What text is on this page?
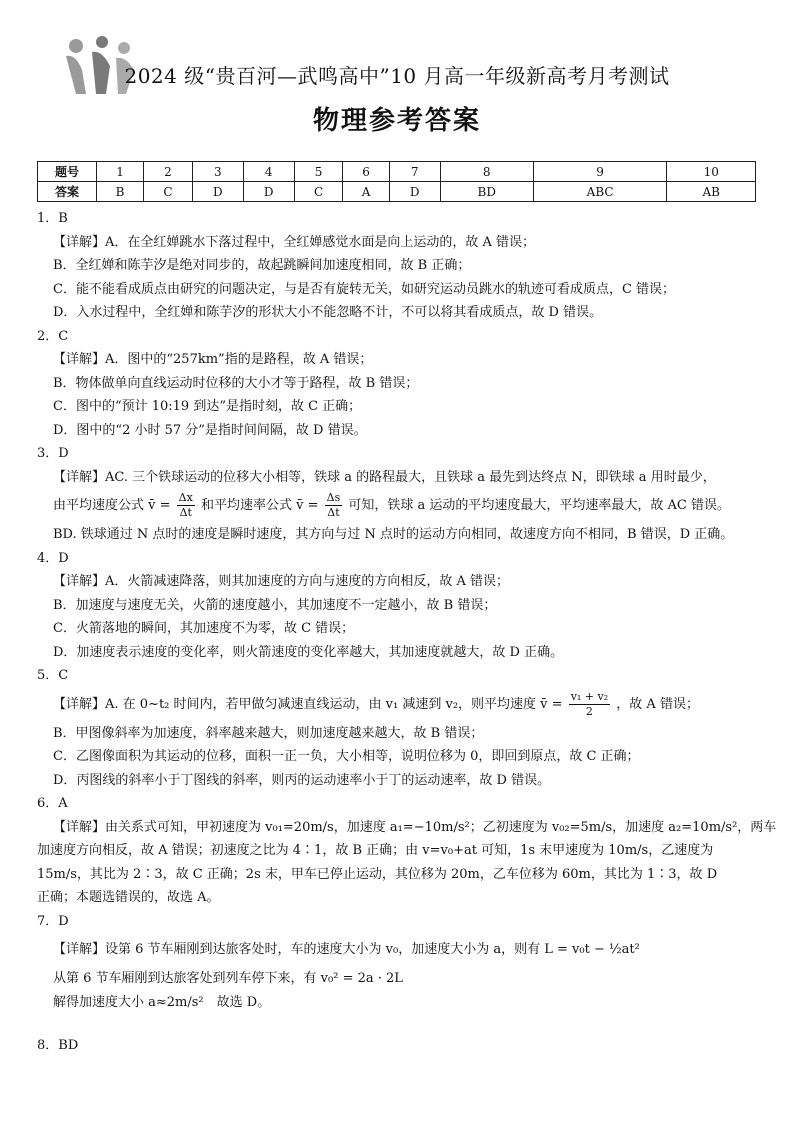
2024 级“贵百河—武鸣高中”10 月高一年级新高考月考测试
物理参考答案
题号	1	2	3	4	5	6	7	8	9	10
答案	B	C	D	D	C	A	D	BD	ABC	AB

1．B

【详解】A．在全红婵跳水下落过程中，全红婵感觉水面是向上运动的，故 A 错误；

B．全红婵和陈芋汐是绝对同步的，故起跳瞬间加速度相同，故 B 正确；

C．能不能看成质点由研究的问题决定，与是否有旋转无关，如研究运动员跳水的轨迹可看成质点，C 错误；

D．入水过程中，全红婵和陈芋汐的形状大小不能忽略不计，不可以将其看成质点，故 D 错误。

2．C

【详解】A．图中的“257km”指的是路程，故 A 错误；

B．物体做单向直线运动时位移的大小才等于路程，故 B 错误；

C．图中的“预计 10:19 到达”是指时刻，故 C 正确；

D．图中的“2 小时 57 分”是指时间间隔，故 D 错误。

3．D

【详解】AC. 三个铁球运动的位移大小相等，铁球 a 的路程最大，且铁球 a 最先到达终点 N，即铁球 a 用时最少，

由平均速度公式 v̄ = $\frac{\Delta x}{\Delta t}$ 和平均速率公式 v̄ = $\frac{\Delta s}{\Delta t}$ 可知，铁球 a 运动的平均速度最大，平均速率最大，故 AC 错误。

BD. 铁球通过 N 点时的速度是瞬时速度，其方向与过 N 点时的运动方向相同，故速度方向不相同，B 错误，D 正确。

4．D

【详解】A．火箭减速降落，则其加速度的方向与速度的方向相反，故 A 错误；

B．加速度与速度无关，火箭的速度越小，其加速度不一定越小，故 B 错误；

C．火箭落地的瞬间，其加速度不为零，故 C 错误；

D．加速度表示速度的变化率，则火箭速度的变化率越大，其加速度就越大，故 D 正确。

5．C

【详解】A. 在 0~t₂ 时间内，若甲做匀减速直线运动，由 v₁ 减速到 v₂，则平均速度 v̄ = $\frac{\text{v₁ + v₂}}{2}$ ，故 A 错误；

B．甲图像斜率为加速度，斜率越来越大，则加速度越来越大，故 B 错误；

C．乙图像面积为其运动的位移，面积一正一负，大小相等，说明位移为 0，即回到原点，故 C 正确；

D．丙图线的斜率小于丁图线的斜率，则丙的运动速率小于丁的运动速率，故 D 错误。

6．A

【详解】由关系式可知，甲初速度为 v₀₁=20m/s，加速度 a₁=−10m/s²；乙初速度为 v₀₂=5m/s，加速度 a₂=10m/s²，两车

加速度方向相反，故 A 错误；初速度之比为 4∶1，故 B 正确；由 v=v₀+at 可知，1s 末甲速度为 10m/s，乙速度为

15m/s，其比为 2∶3，故 C 正确；2s 末，甲车已停止运动，其位移为 20m，乙车位移为 60m，其比为 1∶3，故 D

正确；本题选错误的，故选 A。

7．D

【详解】设第 6 节车厢刚到达旅客处时，车的速度大小为 v₀，加速度大小为 a，则有 L = v₀t − ½at²

从第 6 节车厢刚到达旅客处到列车停下来，有 v₀² = 2a · 2L

解得加速度大小 a≈2m/s²　故选 D。

8．BD
